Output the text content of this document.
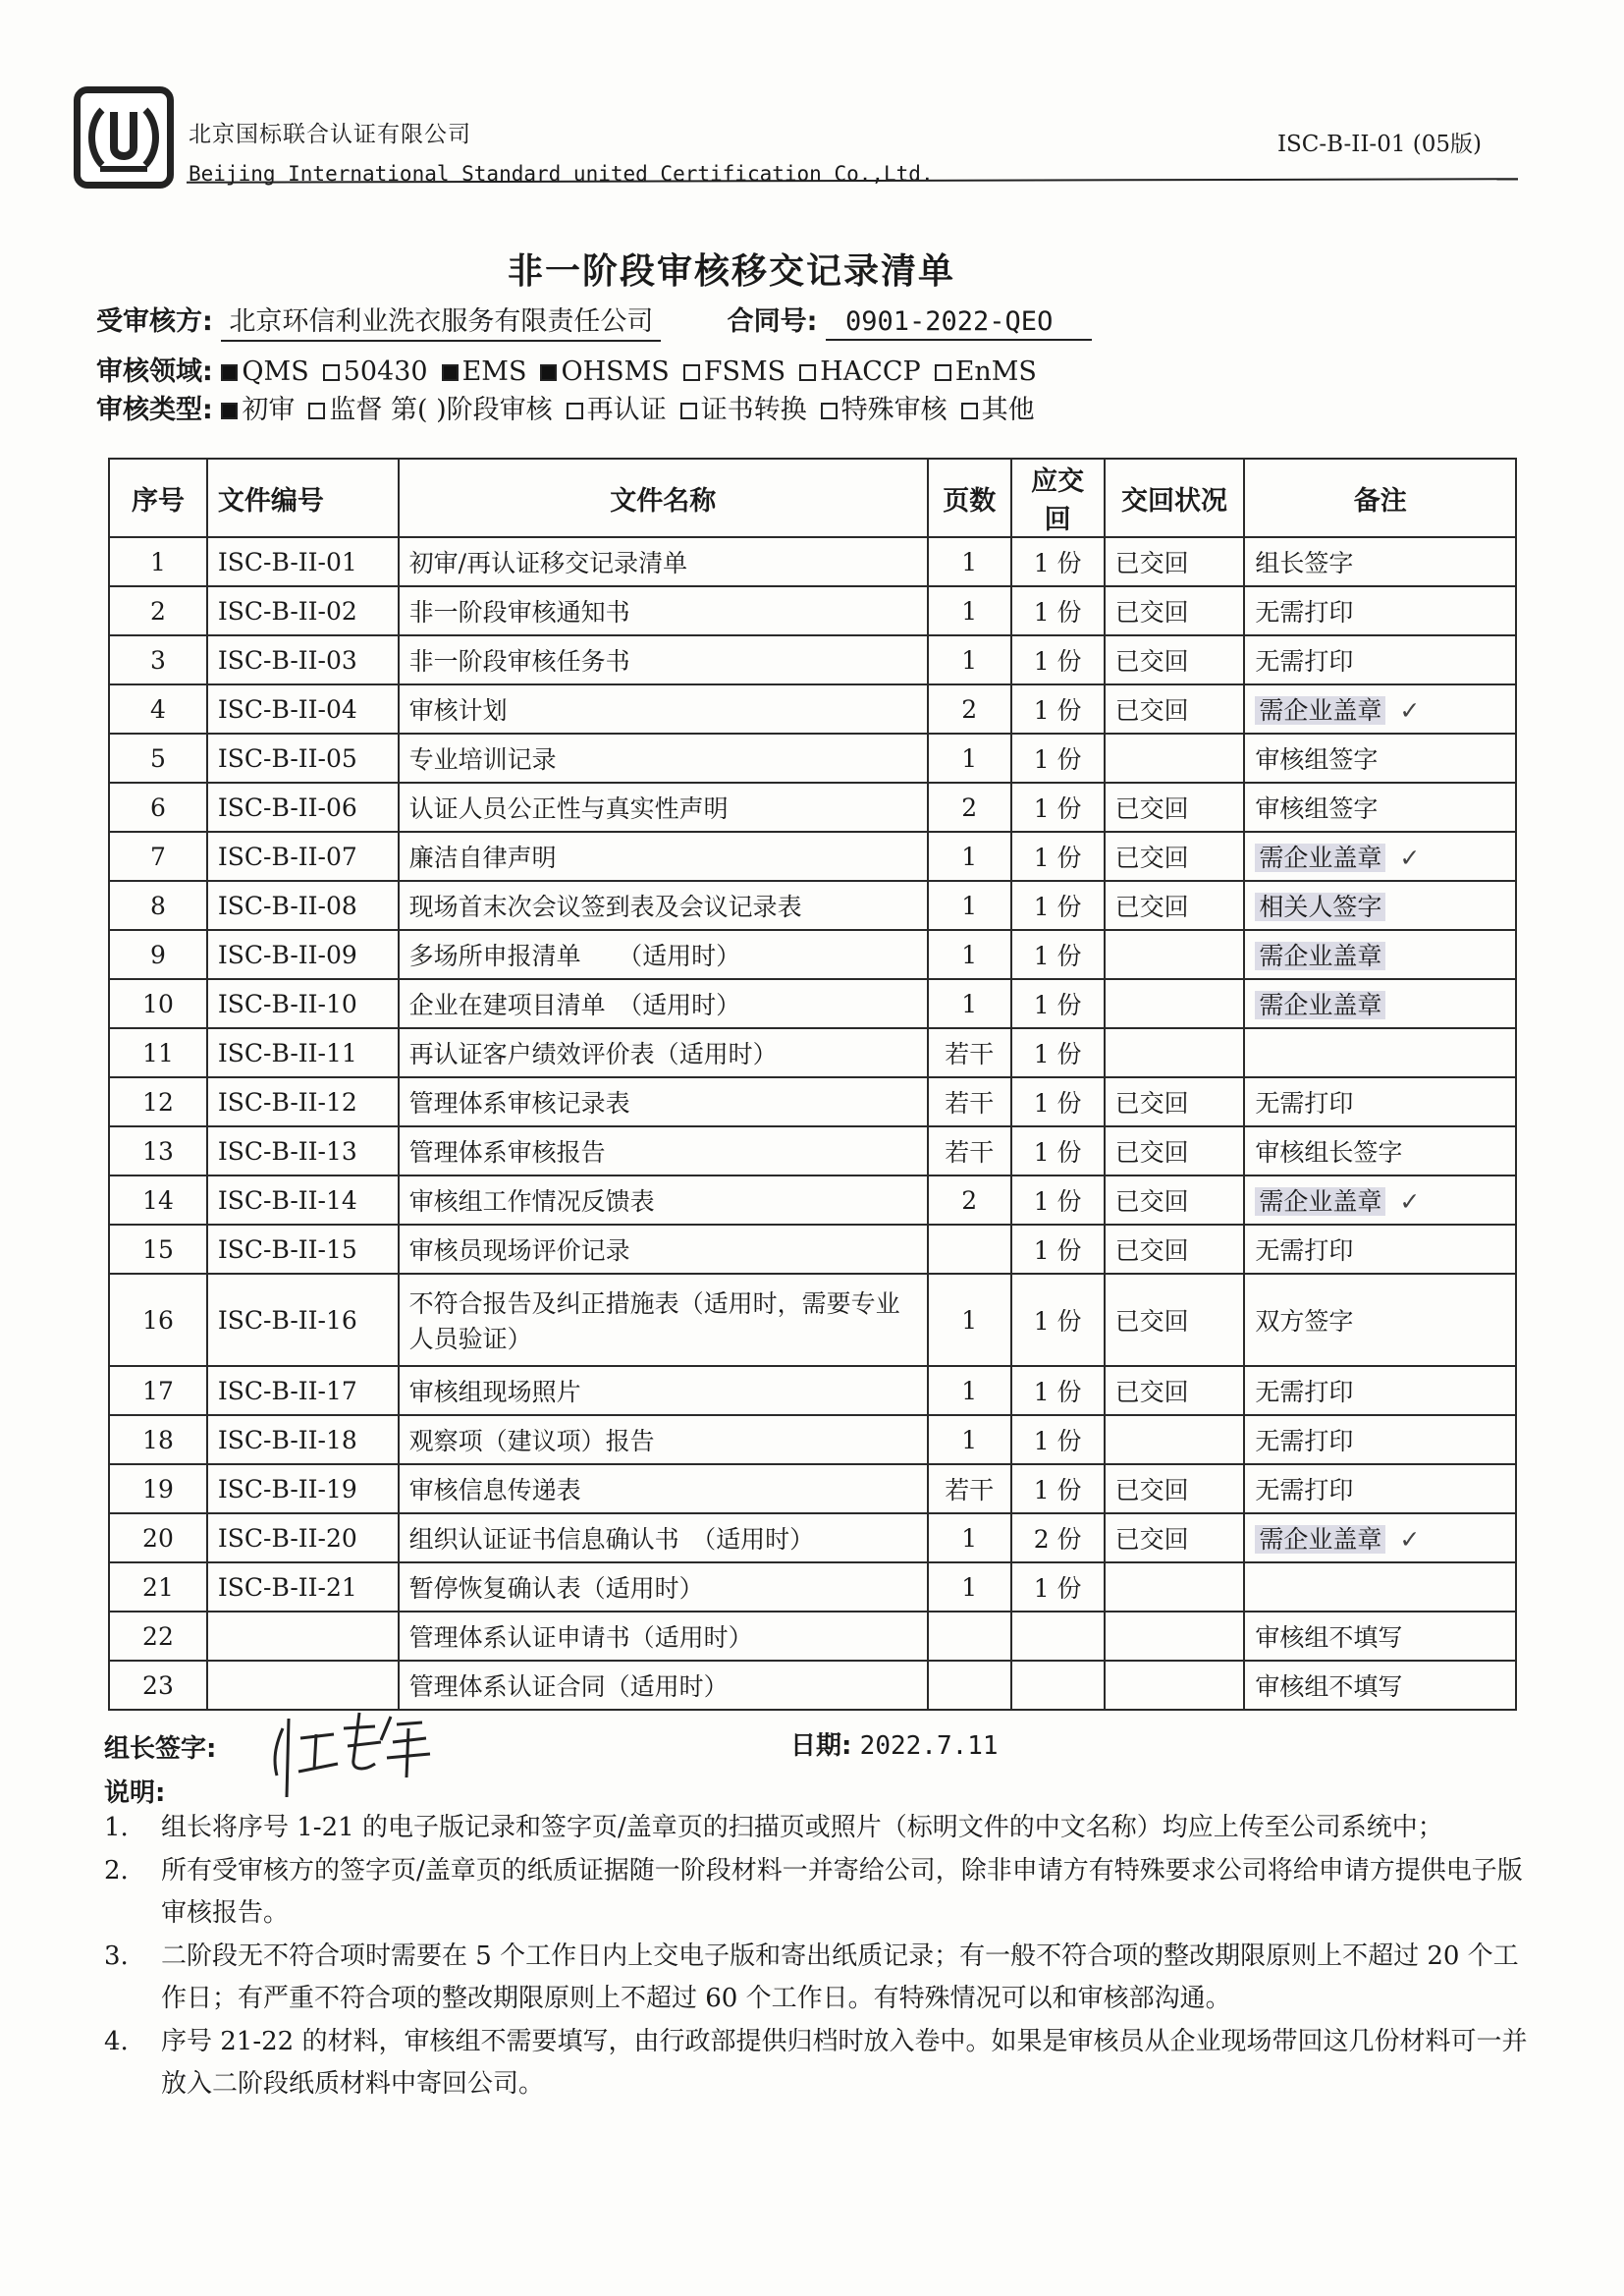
北京国标联合认证有限公司
Beijing International Standard united Certification Co.,Ltd.
ISC-B-II-01 (05版)
非一阶段审核移交记录清单
受审核方: 北京环信利业洗衣服务有限责任公司	合同号: 0901-2022-QEO
审核领域: QMS 50430 EMS OHSMS FSMS HACCP EnMS
审核类型: 初审 监督 第( )阶段审核 再认证 证书转换 特殊审核 其他
序号	文件编号	文件名称	页数	应交回	交回状况	备注
1	ISC-B-II-01	初审/再认证移交记录清单	1	1 份	已交回	组长签字
2	ISC-B-II-02	非一阶段审核通知书	1	1 份	已交回	无需打印
3	ISC-B-II-03	非一阶段审核任务书	1	1 份	已交回	无需打印
4	ISC-B-II-04	审核计划	2	1 份	已交回	需企业盖章 ✓
5	ISC-B-II-05	专业培训记录	1	1 份		审核组签字
6	ISC-B-II-06	认证人员公正性与真实性声明	2	1 份	已交回	审核组签字
7	ISC-B-II-07	廉洁自律声明	1	1 份	已交回	需企业盖章 ✓
8	ISC-B-II-08	现场首末次会议签到表及会议记录表	1	1 份	已交回	相关人签字
9	ISC-B-II-09	多场所申报清单　　（适用时）	1	1 份		需企业盖章
10	ISC-B-II-10	企业在建项目清单　（适用时）	1	1 份		需企业盖章
11	ISC-B-II-11	再认证客户绩效评价表（适用时）	若干	1 份		
12	ISC-B-II-12	管理体系审核记录表	若干	1 份	已交回	无需打印
13	ISC-B-II-13	管理体系审核报告	若干	1 份	已交回	审核组长签字
14	ISC-B-II-14	审核组工作情况反馈表	2	1 份	已交回	需企业盖章 ✓
15	ISC-B-II-15	审核员现场评价记录		1 份	已交回	无需打印
16	ISC-B-II-16	不符合报告及纠正措施表（适用时，需要专业人员验证）	1	1 份	已交回	双方签字
17	ISC-B-II-17	审核组现场照片	1	1 份	已交回	无需打印
18	ISC-B-II-18	观察项（建议项）报告	1	1 份		无需打印
19	ISC-B-II-19	审核信息传递表	若干	1 份	已交回	无需打印
20	ISC-B-II-20	组织认证证书信息确认书　（适用时）	1	2 份	已交回	需企业盖章 ✓
21	ISC-B-II-21	暂停恢复确认表（适用时）	1	1 份		
22		管理体系认证申请书（适用时）				审核组不填写
23		管理体系认证合同（适用时）				审核组不填写
组长签字:	日期: 2022.7.11
说明:
1. 组长将序号 1-21 的电子版记录和签字页/盖章页的扫描页或照片（标明文件的中文名称）均应上传至公司系统中；
2. 所有受审核方的签字页/盖章页的纸质证据随一阶段材料一并寄给公司，除非申请方有特殊要求公司将给申请方提供电子版审核报告。
3. 二阶段无不符合项时需要在 5 个工作日内上交电子版和寄出纸质记录；有一般不符合项的整改期限原则上不超过 20 个工作日；有严重不符合项的整改期限原则上不超过 60 个工作日。有特殊情况可以和审核部沟通。
4. 序号 21-22 的材料，审核组不需要填写，由行政部提供归档时放入卷中。如果是审核员从企业现场带回这几份材料可一并放入二阶段纸质材料中寄回公司。
